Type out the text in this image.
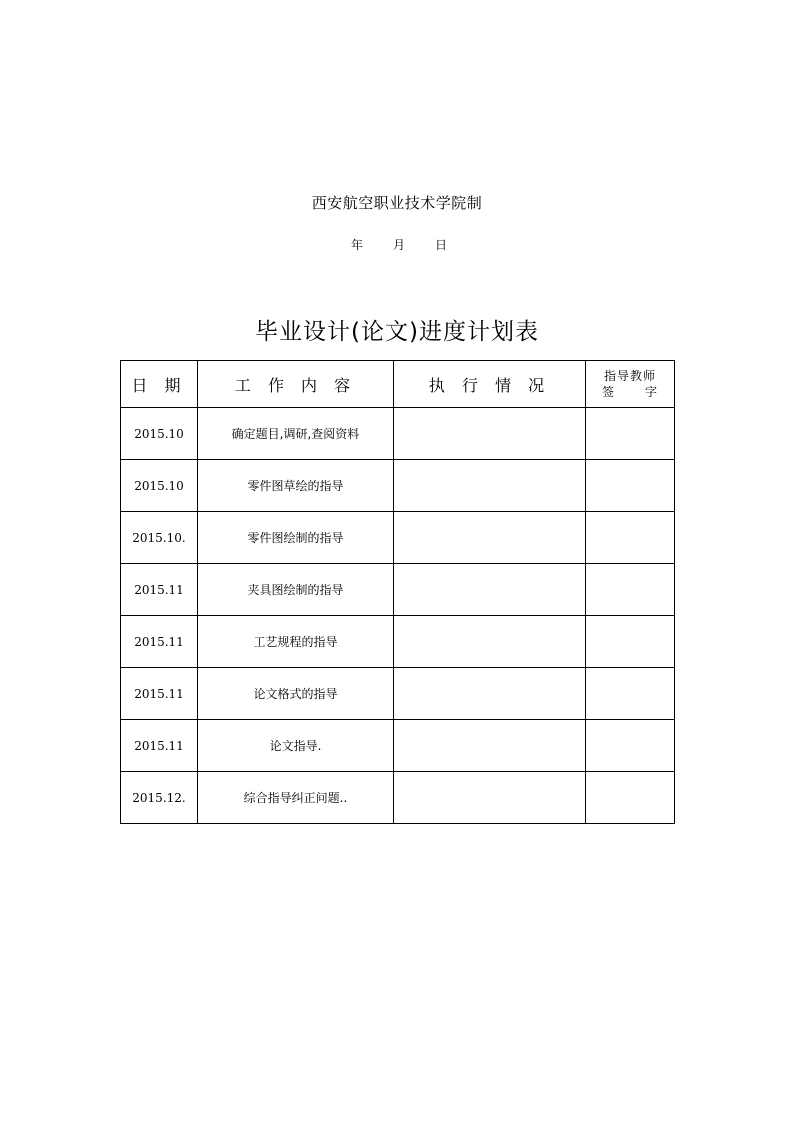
西安航空职业技术学院制
年 月 日
毕业设计(论文)进度计划表
日 期	工 作 内 容	执 行 情 况	指导教师
签 字

2015.10	确定题目,调研,查阅资料		
2015.10	零件图草绘的指导		
2015.10.	零件图绘制的指导		
2015.11	夹具图绘制的指导		
2015.11	工艺规程的指导		
2015.11	论文格式的指导		
2015.11	论文指导.		
2015.12.	综合指导纠正问题..		
